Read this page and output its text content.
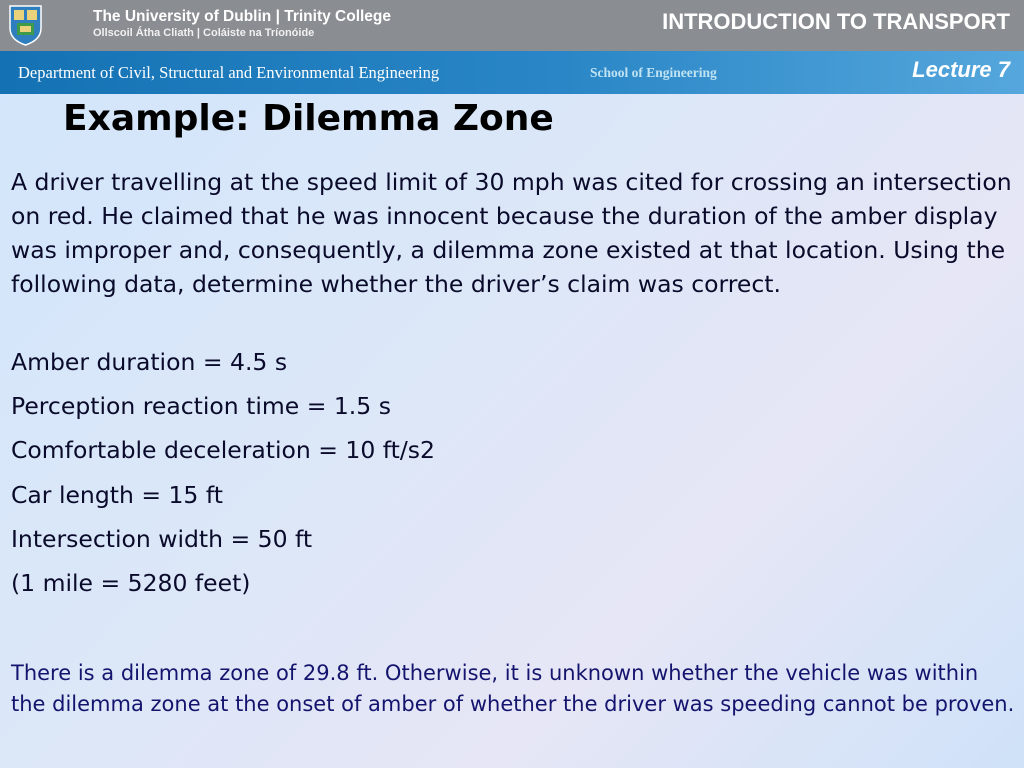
The University of Dublin | Trinity College
Ollscoil Átha Cliath | Coláiste na Tríonóide	INTRODUCTION TO TRANSPORT
Department of Civil, Structural and Environmental Engineering	School of Engineering	Lecture 7
Example: Dilemma Zone

A driver travelling at the speed limit of 30 mph was cited for crossing an intersection on red. He claimed that he was innocent because the duration of the amber display was improper and, consequently, a dilemma zone existed at that location. Using the following data, determine whether the driver’s claim was correct.

Amber duration = 4.5 s
Perception reaction time = 1.5 s
Comfortable deceleration = 10 ft/s2
Car length = 15 ft
Intersection width = 50 ft
(1 mile = 5280 feet)

There is a dilemma zone of 29.8 ft. Otherwise, it is unknown whether the vehicle was within the dilemma zone at the onset of amber of whether the driver was speeding cannot be proven.
